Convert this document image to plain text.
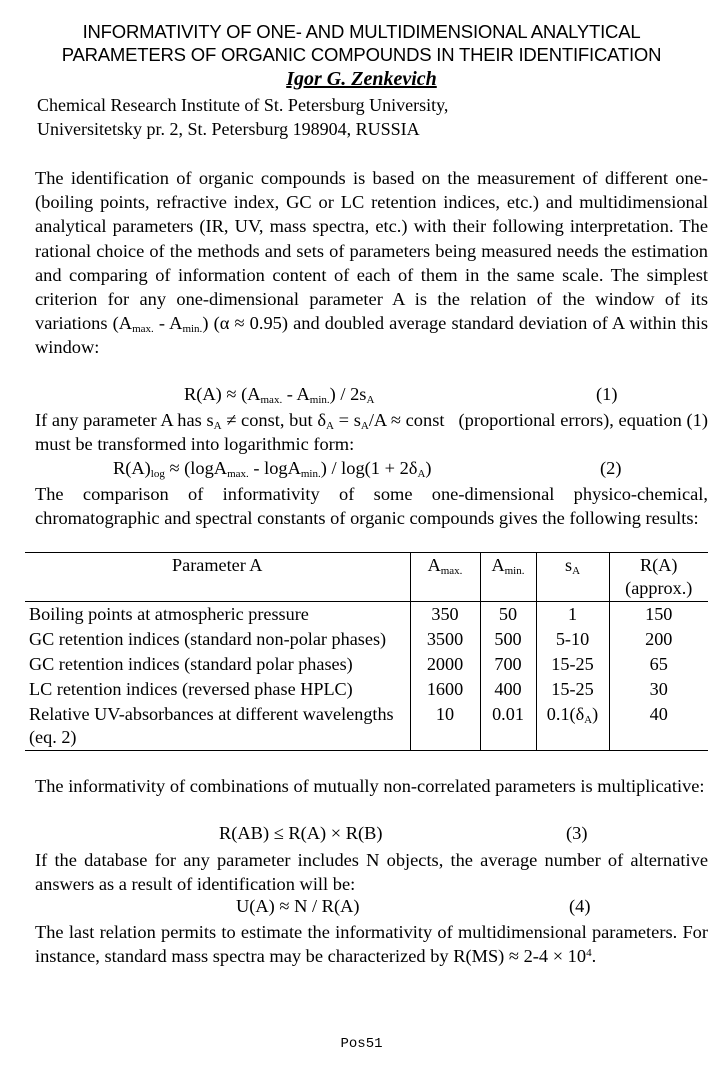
INFORMATIVITY OF ONE- AND MULTIDIMENSIONAL ANALYTICAL
PARAMETERS OF ORGANIC COMPOUNDS IN THEIR IDENTIFICATION
Igor G. Zenkevich
Chemical Research Institute of St. Petersburg University,
Universitetsky pr. 2, St. Petersburg 198904, RUSSIA
The identification of organic compounds is based on the measurement of different one- (boiling points, refractive index, GC or LC retention indices, etc.) and multidimensional analytical parameters (IR, UV, mass spectra, etc.) with their following interpretation. The rational choice of the methods and sets of parameters being measured needs the estimation and comparing of information content of each of them in the same scale. The simplest criterion for any one-dimensional parameter A is the relation of the window of its variations $(A_{max.} - A_{min.}) (\alpha \approx 0.95)$ and doubled average standard deviation of A within this window:
$R(A) \approx (A_{max.} - A_{min.}) / 2s_A$	(1)
If any parameter A has $s_A$ ≠ const, but $\delta_A = s_A/A$ ≈ const   (proportional errors), equation (1) must be transformed into logarithmic form:
$R(A)_{log} \approx (\log A_{max.} - \log A_{min.}) / \log(1 + 2\delta_A)$	(2)
The comparison of informativity of some one-dimensional physico-chemical, chromatographic and spectral constants of organic compounds gives the following results:
Parameter A	$A_{max.}$	$A_{min.}$	$s_A$	R(A)
(approx.)
Boiling points at atmospheric pressure	350	50	1	150
GC retention indices (standard non-polar phases)	3500	500	5-10	200
GC retention indices (standard polar phases)	2000	700	15-25	65
LC retention indices (reversed phase HPLC)	1600	400	15-25	30
Relative UV-absorbances at different wavelengths (eq. 2)	10	0.01	$0.1(\delta_A)$	40
The informativity of combinations of mutually non-correlated parameters is multiplicative:
R(AB) ≤ R(A) × R(B)	(3)
If the database for any parameter includes N objects, the average number of alternative answers as a result of identification will be:
U(A) ≈ N / R(A)	(4)
The last relation permits to estimate the informativity of multidimensional parameters. For instance, standard mass spectra may be characterized by $R(MS) \approx 2-4 \times 10^4$.
Pos51
